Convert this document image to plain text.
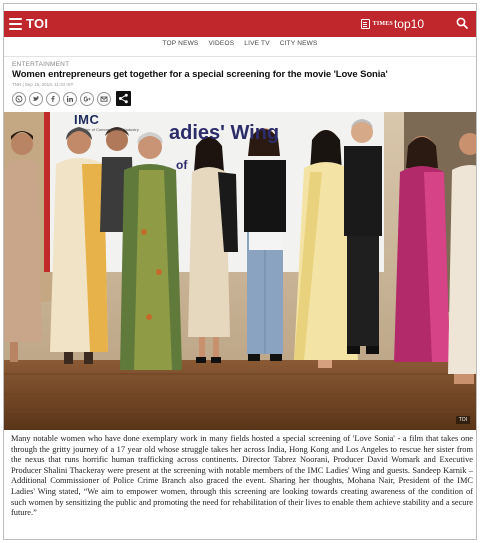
TOI	TIMES top10
TOP NEWS VIDEOS LIVE TV CITY NEWS
ENTERTAINMENT
Women entrepreneurs get together for a special screening for the movie 'Love Sonia'
TNN | Sep 15, 2018, 11:34 IST
IMC
Chamber of Commerce and Industry	adies' Wing
of
TOI
Many notable women who have done exemplary work in many fields hosted a special screening of 'Love Sonia' - a film that takes one through the gritty journey of a 17 year old whose struggle takes her across India, Hong Kong and Los Angeles to rescue her sister from the nexus that runs horrific human trafficking across continents. Director Tabrez Noorani, Producer David Womark and Executive Producer Shalini Thackeray were present at the screening with notable members of the IMC Ladies' Wing and guests. Sandeep Karnik – Additional Commissioner of Police Crime Branch also graced the event. Sharing her thoughts, Mohana Nair, President of the IMC Ladies' Wing stated, “We aim to empower women, through this screening are looking towards creating awareness of the condition of such women by sensitizing the public and promoting the need for rehabilitation of their lives to enable them achieve stability and a secure future.”
